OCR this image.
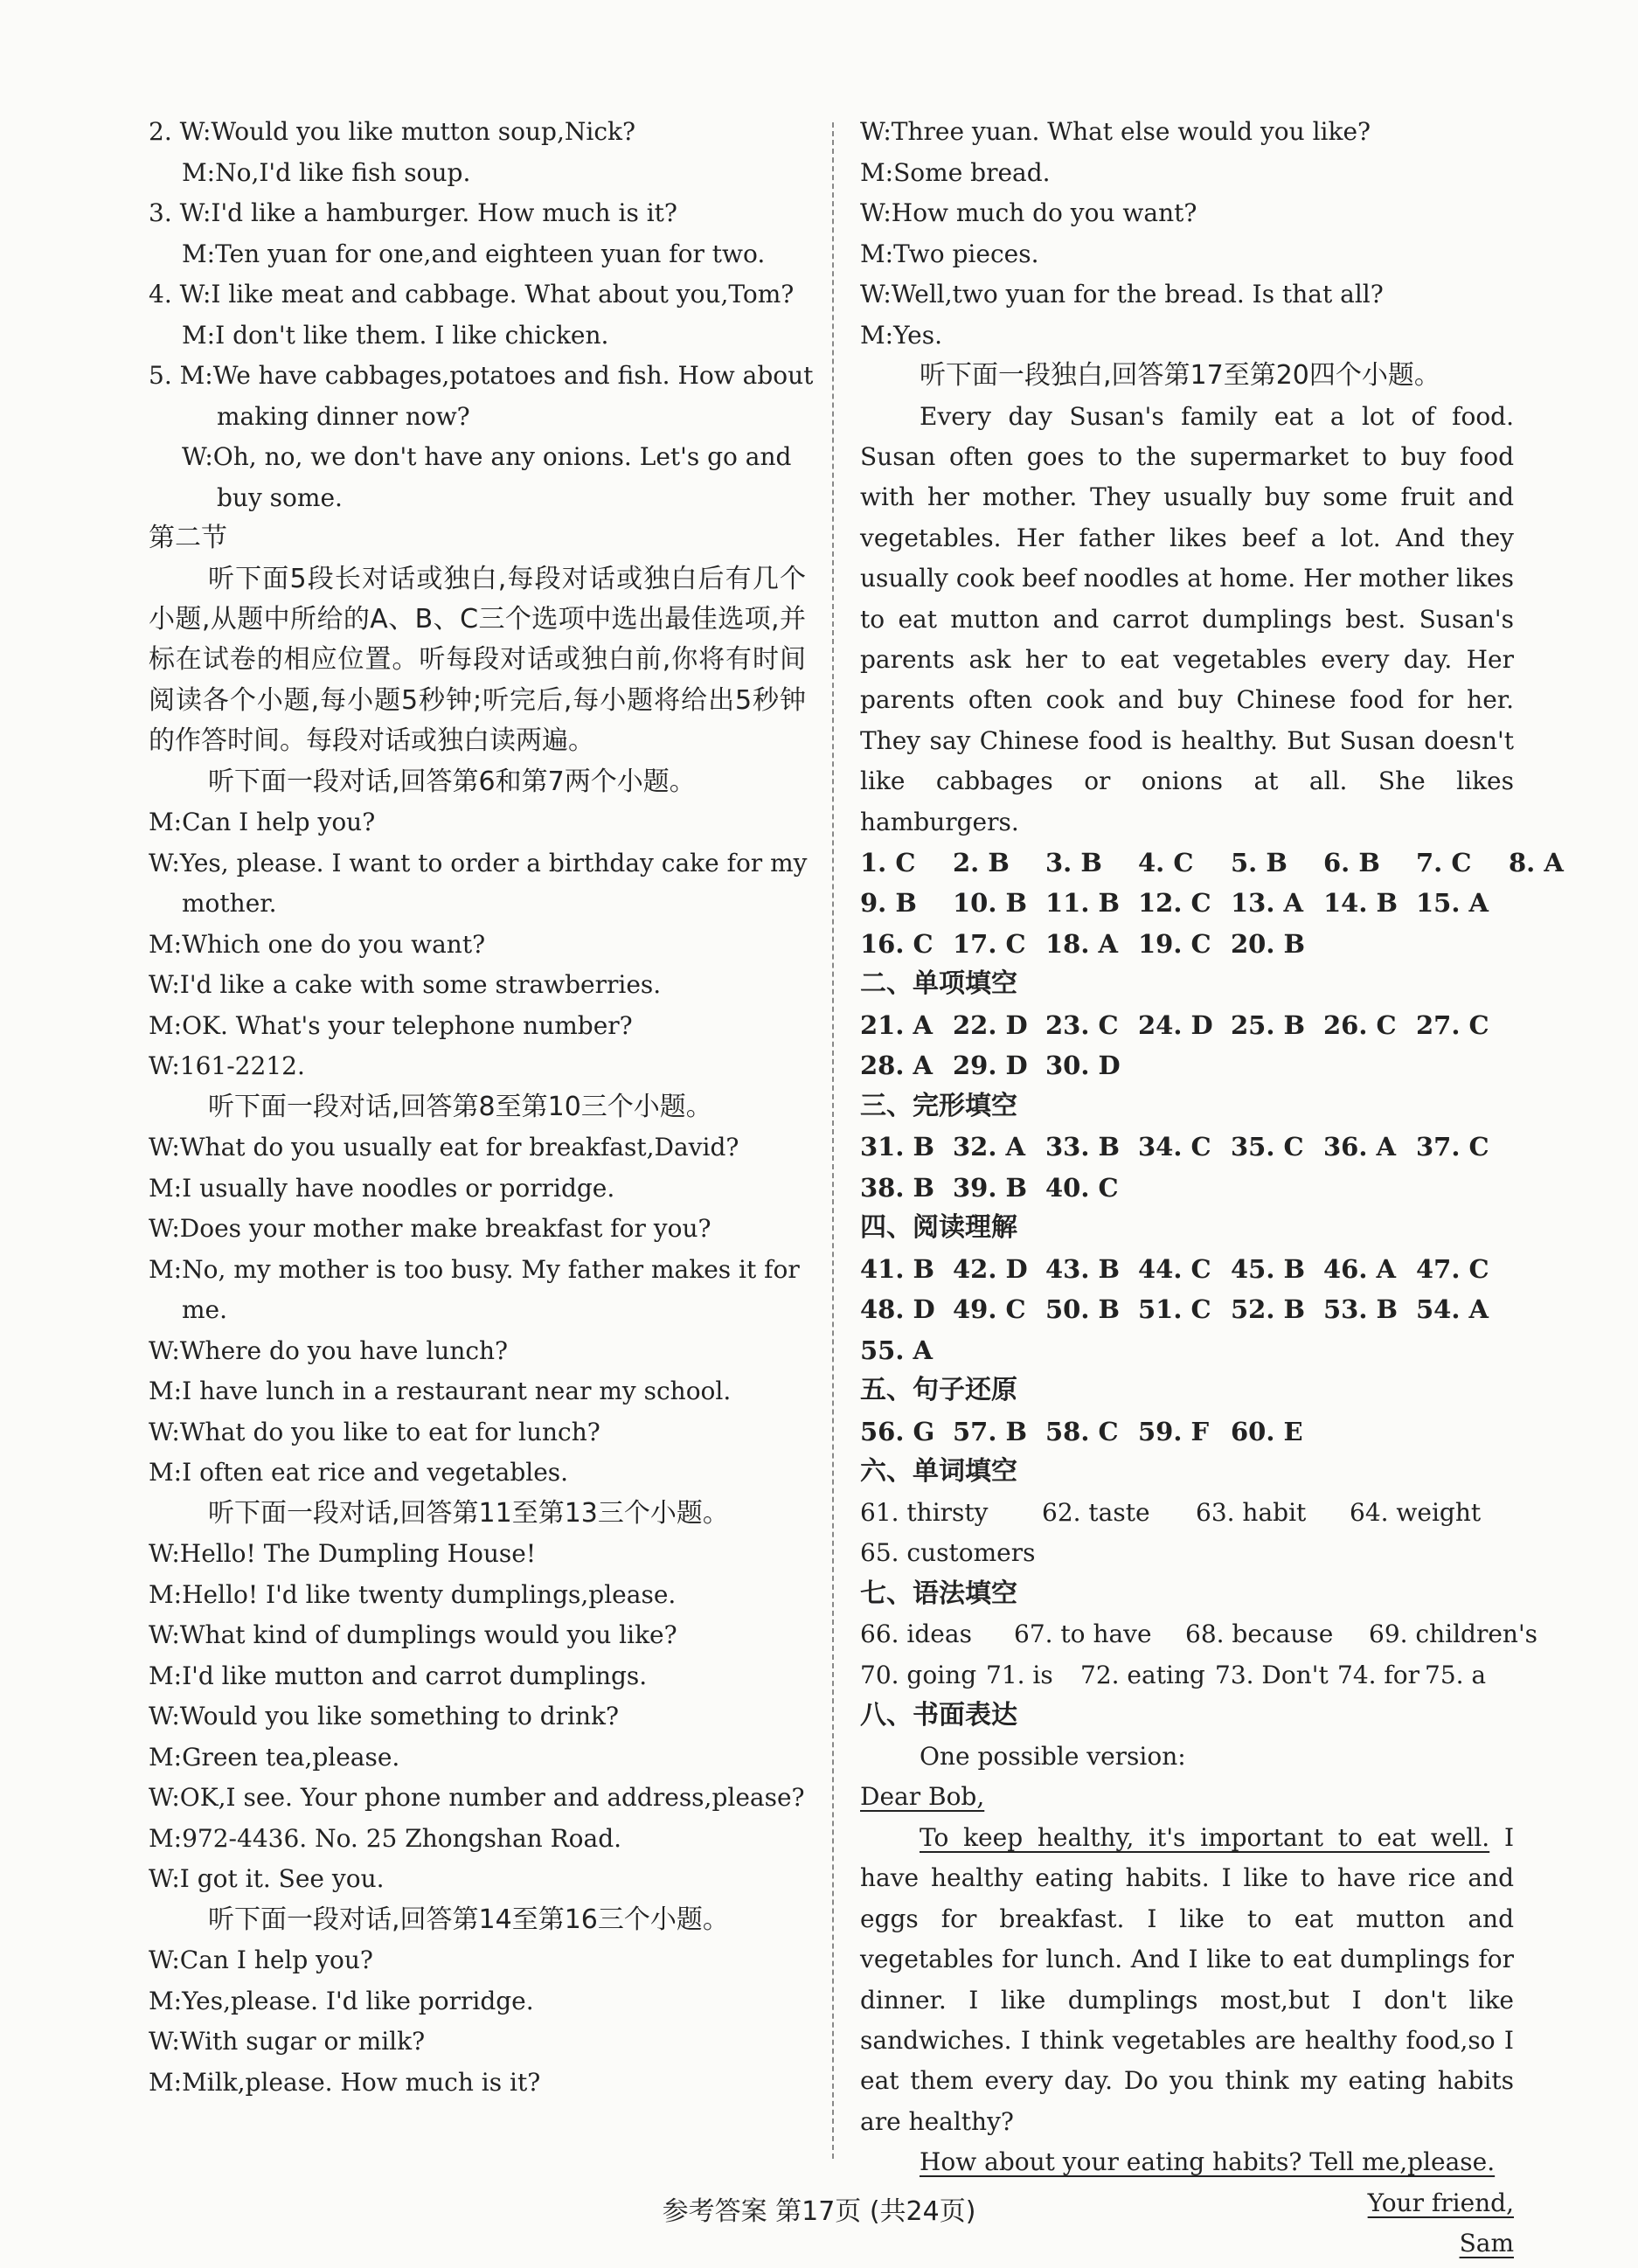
2. W:Would you like mutton soup,Nick?
M:No,I'd like fish soup.
3. W:I'd like a hamburger. How much is it?
M:Ten yuan for one,and eighteen yuan for two.
4. W:I like meat and cabbage. What about you,Tom?
M:I don't like them. I like chicken.
5. M:We have cabbages,potatoes and fish. How about
making dinner now?
W:Oh, no, we don't have any onions. Let's go and
buy some.
第二节

听下面5段长对话或独白,每段对话或独白后有几个小题,从题中所给的A、B、C三个选项中选出最佳选项,并标在试卷的相应位置。听每段对话或独白前,你将有时间阅读各个小题,每小题5秒钟;听完后,每小题将给出5秒钟的作答时间。每段对话或独白读两遍。

听下面一段对话,回答第6和第7两个小题。
M:Can I help you?
W:Yes, please. I want to order a birthday cake for my
mother.
M:Which one do you want?
W:I'd like a cake with some strawberries.
M:OK. What's your telephone number?
W:161-2212.
听下面一段对话,回答第8至第10三个小题。
W:What do you usually eat for breakfast,David?
M:I usually have noodles or porridge.
W:Does your mother make breakfast for you?
M:No, my mother is too busy. My father makes it for
me.
W:Where do you have lunch?
M:I have lunch in a restaurant near my school.
W:What do you like to eat for lunch?
M:I often eat rice and vegetables.
听下面一段对话,回答第11至第13三个小题。
W:Hello! The Dumpling House!
M:Hello! I'd like twenty dumplings,please.
W:What kind of dumplings would you like?
M:I'd like mutton and carrot dumplings.
W:Would you like something to drink?
M:Green tea,please.
W:OK,I see. Your phone number and address,please?
M:972-4436. No. 25 Zhongshan Road.
W:I got it. See you.
听下面一段对话,回答第14至第16三个小题。
W:Can I help you?
M:Yes,please. I'd like porridge.
W:With sugar or milk?
M:Milk,please. How much is it?
W:Three yuan. What else would you like?
M:Some bread.
W:How much do you want?
M:Two pieces.
W:Well,two yuan for the bread. Is that all?
M:Yes.
听下面一段独白,回答第17至第20四个小题。

Every day Susan's family eat a lot of food. Susan often goes to the supermarket to buy food with her mother. They usually buy some fruit and vegetables. Her father likes beef a lot. And they usually cook beef noodles at home. Her mother likes to eat mutton and carrot dumplings best. Susan's parents ask her to eat vegetables every day. Her parents often cook and buy Chinese food for her. They say Chinese food is healthy. But Susan doesn't like cabbages or onions at all. She likes hamburgers.

1. C 2. B 3. B 4. C 5. B 6. B 7. C 8. A
9. B 10. B 11. B 12. C 13. A 14. B 15. A
16. C 17. C 18. A 19. C 20. B
二、单项填空
21. A 22. D 23. C 24. D 25. B 26. C 27. C
28. A 29. D 30. D
三、完形填空
31. B 32. A 33. B 34. C 35. C 36. A 37. C
38. B 39. B 40. C
四、阅读理解
41. B 42. D 43. B 44. C 45. B 46. A 47. C
48. D 49. C 50. B 51. C 52. B 53. B 54. A
55. A
五、句子还原
56. G 57. B 58. C 59. F 60. E
六、单词填空
61. thirsty 62. taste 63. habit 64. weight
65. customers
七、语法填空
66. ideas 67. to have 68. because 69. children's
70. going 71. is 72. eating 73. Don't 74. for 75. a
八、书面表达
One possible version:
Dear Bob,

To keep healthy, it's important to eat well. I have healthy eating habits. I like to have rice and eggs for breakfast. I like to eat mutton and vegetables for lunch. And I like to eat dumplings for dinner. I like dumplings most,but I don't like sandwiches. I think vegetables are healthy food,so I eat them every day. Do you think my eating habits are healthy?

How about your eating habits? Tell me,please.
Your friend,
Sam
参考答案 第17页 (共24页)
